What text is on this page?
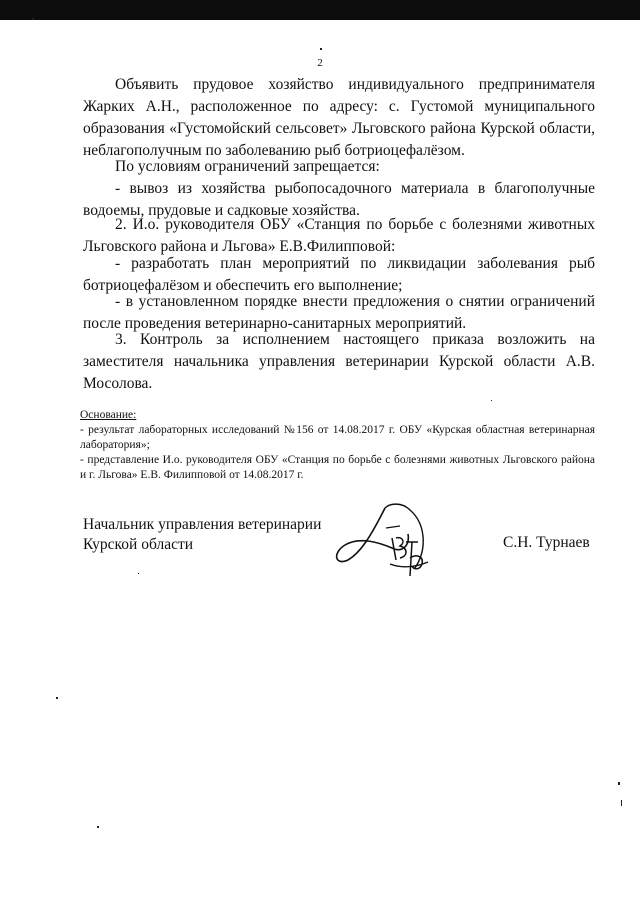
2

Объявить прудовое хозяйство индивидуального предпринимателя Жарких А.Н., расположенное по адресу: с. Густомой муниципального образования «Густомойский сельсовет» Льговского района Курской области, неблагополучным по заболеванию рыб ботриоцефалёзом.

По условиям ограничений запрещается:

- вывоз из хозяйства рыбопосадочного материала в благополучные водоемы, прудовые и садковые хозяйства.

2. И.о. руководителя ОБУ «Станция по борьбе с болезнями животных Льговского района и Льгова» Е.В.Филипповой:

- разработать план мероприятий по ликвидации заболевания рыб ботриоцефалёзом и обеспечить его выполнение;

- в установленном порядке внести предложения о снятии ограничений после проведения ветеринарно-санитарных мероприятий.

3. Контроль за исполнением настоящего приказа возложить на заместителя начальника управления ветеринарии Курской области А.В. Мосолова.

Основание:
- результат лабораторных исследований №156 от 14.08.2017 г. ОБУ «Курская областная ветеринарная лаборатория»;
- представление И.о. руководителя ОБУ «Станция по борьбе с болезнями животных Льговского района и г. Льгова» Е.В. Филипповой от 14.08.2017 г.
Начальник управления ветеринарии
Курской области	С.Н. Турнаев
